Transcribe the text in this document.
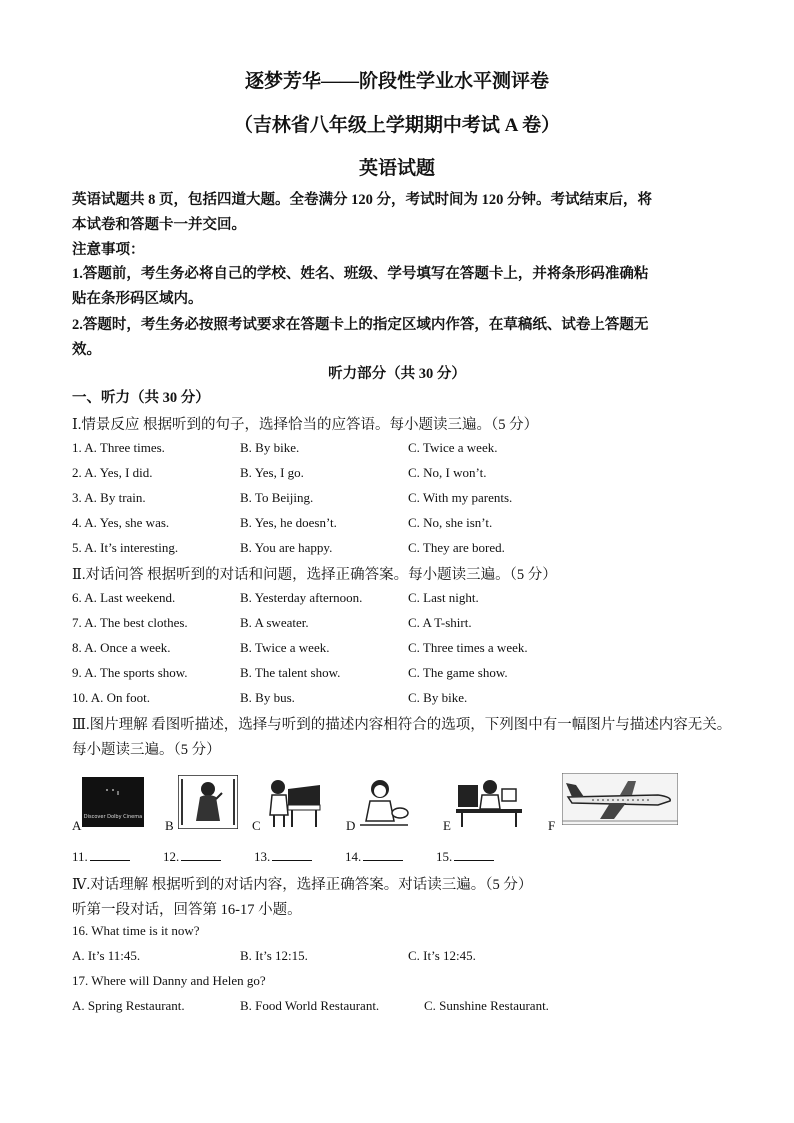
逐梦芳华——阶段性学业水平测评卷
（吉林省八年级上学期期中考试 A 卷）
英语试题
英语试题共 8 页，包括四道大题。全卷满分 120 分，考试时间为 120 分钟。考试结束后，将
本试卷和答题卡一并交回。
注意事项：
1.答题前，考生务必将自己的学校、姓名、班级、学号填写在答题卡上，并将条形码准确粘
贴在条形码区域内。
2.答题时，考生务必按照考试要求在答题卡上的指定区域内作答，在草稿纸、试卷上答题无
效。
听力部分（共 30 分）
一、听力（共 30 分）
Ⅰ.情景反应 根据听到的句子，选择恰当的应答语。每小题读三遍。（5 分）
1. A. Three times.	B. By bike.	C. Twice a week.
2. A. Yes, I did.	B. Yes, I go.	C. No, I won’t.
3. A. By train.	B. To Beijing.	C. With my parents.
4. A. Yes, she was.	B. Yes, he doesn’t.	C. No, she isn’t.
5. A. It’s interesting.	B. You are happy.	C. They are bored.
Ⅱ.对话问答 根据听到的对话和问题，选择正确答案。每小题读三遍。（5 分）
6. A. Last weekend.	B. Yesterday afternoon.	C. Last night.
7. A. The best clothes.	B. A sweater.	C. A T-shirt.
8. A. Once a week.	B. Twice a week.	C. Three times a week.
9. A. The sports show.	B. The talent show.	C. The game show.
10. A. On foot.	B. By bus.	C. By bike.
Ⅲ.图片理解 看图听描述，选择与听到的描述内容相符合的选项，下列图中有一幅图片与描述内容无关。
每小题读三遍。（5 分）
A
Discover Dolby Cinema
B	C	D	E	F
11.	12.	13.	14.	15.
Ⅳ.对话理解 根据听到的对话内容，选择正确答案。对话读三遍。（5 分）
听第一段对话，回答第 16-17 小题。
16. What time is it now?
A. It’s 11:45.	B. It’s 12:15.	C. It’s 12:45.
17. Where will Danny and Helen go?
A. Spring Restaurant.	B. Food World Restaurant.	C. Sunshine Restaurant.
